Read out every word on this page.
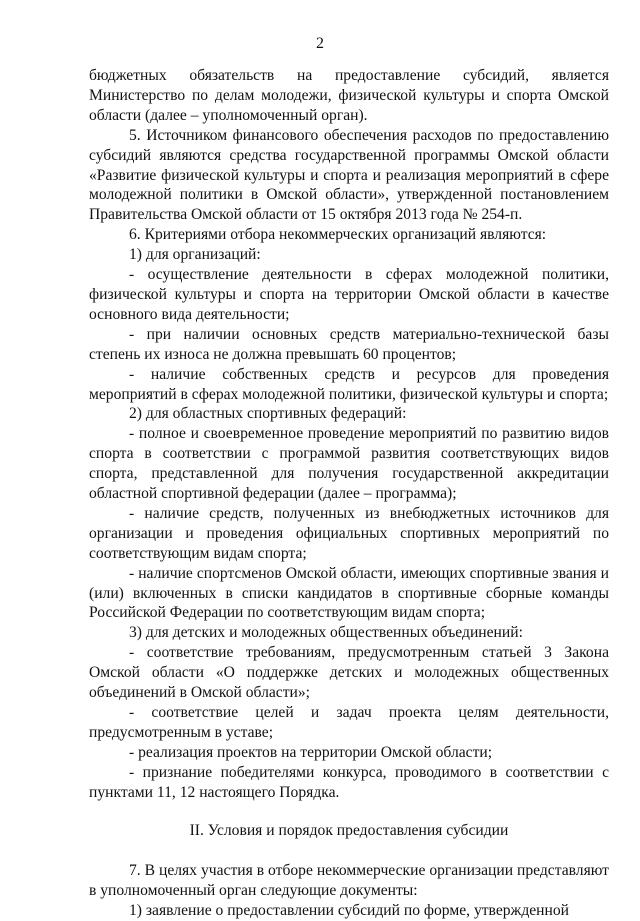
2
бюджетных обязательств на предоставление субсидий, является Министерство по делам молодежи, физической культуры и спорта Омской области (далее – уполномоченный орган).
5. Источником финансового обеспечения расходов по предоставлению субсидий являются средства государственной программы Омской области «Развитие физической культуры и спорта и реализация мероприятий в сфере молодежной политики в Омской области», утвержденной постановлением Правительства Омской области от 15 октября 2013 года № 254-п.
6. Критериями отбора некоммерческих организаций являются:
1) для организаций:
- осуществление деятельности в сферах молодежной политики, физической культуры и спорта на территории Омской области в качестве основного вида деятельности;
- при наличии основных средств материально-технической базы степень их износа не должна превышать 60 процентов;
- наличие собственных средств и ресурсов для проведения мероприятий в сферах молодежной политики, физической культуры и спорта;
2) для областных спортивных федераций:
- полное и своевременное проведение мероприятий по развитию видов спорта в соответствии с программой развития соответствующих видов спорта, представленной для получения государственной аккредитации областной спортивной федерации (далее – программа);
- наличие средств, полученных из внебюджетных источников для организации и проведения официальных спортивных мероприятий по соответствующим видам спорта;
- наличие спортсменов Омской области, имеющих спортивные звания и (или) включенных в списки кандидатов в спортивные сборные команды Российской Федерации по соответствующим видам спорта;
3) для детских и молодежных общественных объединений:
- соответствие требованиям, предусмотренным статьей 3 Закона Омской области «О поддержке детских и молодежных общественных объединений в Омской области»;
- соответствие целей и задач проекта целям деятельности, предусмотренным в уставе;
- реализация проектов на территории Омской области;
- признание победителями конкурса, проводимого в соответствии с пунктами 11, 12 настоящего Порядка.
II. Условия и порядок предоставления субсидии
7. В целях участия в отборе некоммерческие организации представляют в уполномоченный орган следующие документы:
1) заявление о предоставлении субсидий по форме, утвержденной
